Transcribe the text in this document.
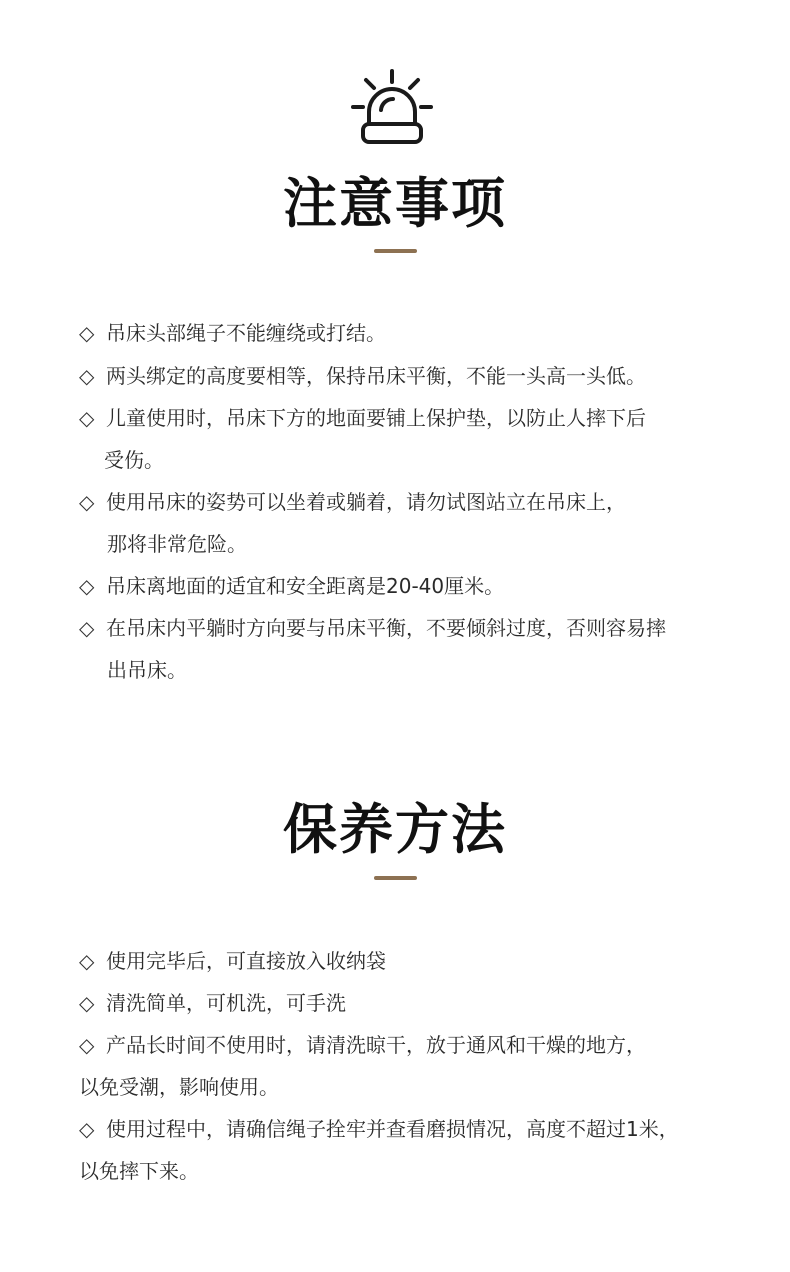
注意事项
◇ 吊床头部绳子不能缠绕或打结。
◇ 两头绑定的高度要相等，保持吊床平衡，不能一头高一头低。
◇ 儿童使用时，吊床下方的地面要铺上保护垫，以防止人摔下后
受伤。
◇ 使用吊床的姿势可以坐着或躺着，请勿试图站立在吊床上，
那将非常危险。
◇ 吊床离地面的适宜和安全距离是20-40厘米。
◇ 在吊床内平躺时方向要与吊床平衡，不要倾斜过度，否则容易摔
出吊床。
保养方法
◇ 使用完毕后，可直接放入收纳袋
◇ 清洗简单，可机洗，可手洗
◇ 产品长时间不使用时，请清洗晾干，放于通风和干燥的地方，
以免受潮，影响使用。
◇ 使用过程中，请确信绳子拴牢并查看磨损情况，高度不超过1米，
以免摔下来。
